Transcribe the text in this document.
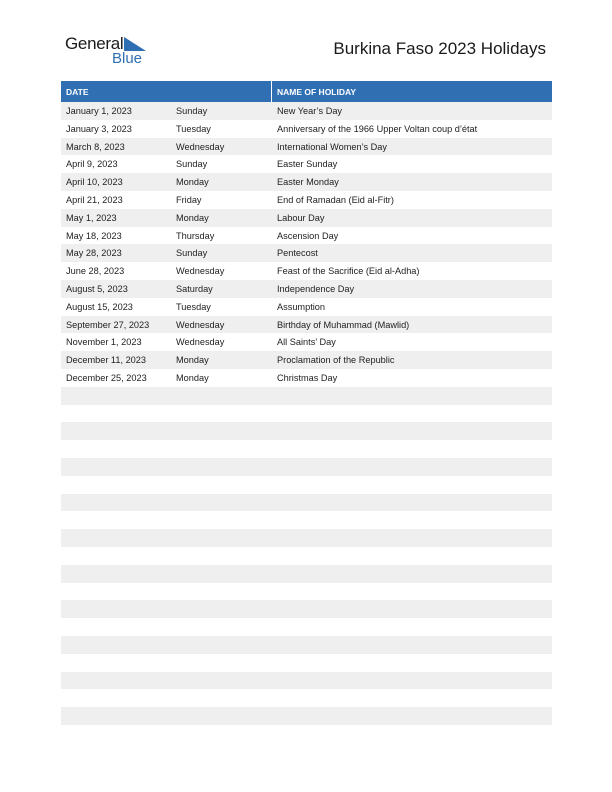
General
Blue
Burkina Faso 2023 Holidays
DATE	NAME OF HOLIDAY
January 1, 2023	Sunday	New Year’s Day
January 3, 2023	Tuesday	Anniversary of the 1966 Upper Voltan coup d’état
March 8, 2023	Wednesday	International Women’s Day
April 9, 2023	Sunday	Easter Sunday
April 10, 2023	Monday	Easter Monday
April 21, 2023	Friday	End of Ramadan (Eid al-Fitr)
May 1, 2023	Monday	Labour Day
May 18, 2023	Thursday	Ascension Day
May 28, 2023	Sunday	Pentecost
June 28, 2023	Wednesday	Feast of the Sacrifice (Eid al-Adha)
August 5, 2023	Saturday	Independence Day
August 15, 2023	Tuesday	Assumption
September 27, 2023	Wednesday	Birthday of Muhammad (Mawlid)
November 1, 2023	Wednesday	All Saints’ Day
December 11, 2023	Monday	Proclamation of the Republic
December 25, 2023	Monday	Christmas Day
